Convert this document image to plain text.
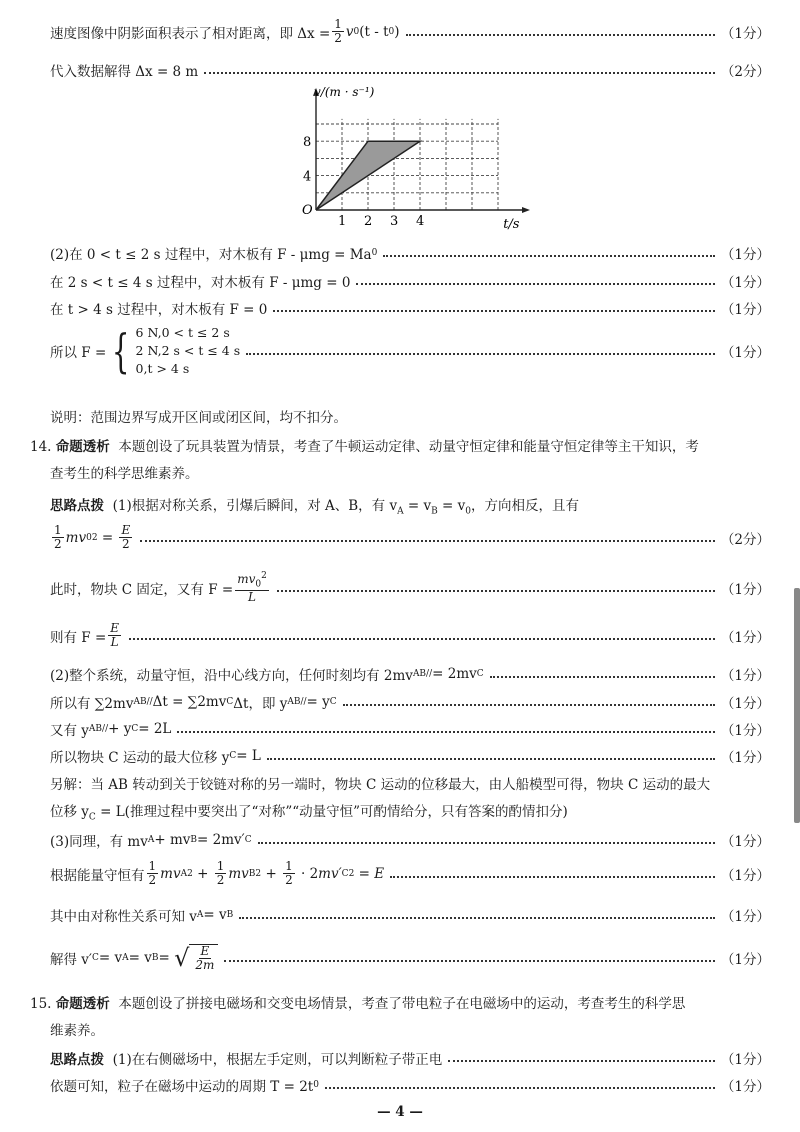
速度图像中阴影面积表示了相对距离，即 $\Delta x = \frac{1}{2}$ v 0 (t - t 0 )	（1分）
代入数据解得 Δx = 8 m	（2分）
1 2 3 4
4
8
v/(m · s⁻¹)
t/s
O
(2)在 0 < t ≤ 2 s 过程中，对木板有 F - μmg = Ma 0	（1分）
在 2 s < t ≤ 4 s 过程中，对木板有 F - μmg = 0	（1分）
在 t > 4 s 过程中，对木板有 F = 0	（1分）
所以 F = { 6 N,0 < t ≤ 2 s
2 N,2 s < t ≤ 4 s
0,t > 4 s
（1分）
说明：范围边界写成开区间或闭区间，均不扣分。
14. 命题透析 本题创设了玩具装置为情景，考查了牛顿运动定律、动量守恒定律和能量守恒定律等主干知识，考
查考生的科学思维素养。
思路点拨 (1)根据对称关系，引爆后瞬间，对 A、B，有 $v_A = v_B = v_0$，方向相反，且有
$\frac{1}{2}$ m v 0 $2 = \frac{E}{2}$	（2分）
此时，物块 C 固定，又有 $F = \frac{mv_0^2}{L}$	（1分）
则有 $F = \frac{E}{L}$	（1分）
(2)整个系统，动量守恒，沿中心线方向，任何时刻均有 2mv AB// = 2mv C	（1分）
所以有 ∑2mv AB// Δt = ∑2mv C Δt，即 y AB// = y C	（1分）
又有 y AB// + y C = 2L	（1分）
所以物块 C 运动的最大位移 y C = L	（1分）
另解：当 AB 转动到关于铰链对称的另一端时，物块 C 运动的位移最大，由人船模型可得，物块 C 运动的最大
位移 $y_C = L$(推理过程中要突出了“对称”“动量守恒”可酌情给分，只有答案的酌情扣分)
(3)同理，有 mv A + mv B = 2mv′ C	（1分）
根据能量守恒有 $\frac{1}{2}$ mv A $2 + \frac{1}{2}$ mv B $2 + \frac{1}{2} \cdot 2$ mv′ C 2 = E	（1分）
其中由对称性关系可知 v A = v B	（1分）
解得 v′ C = v A = v B =
√ $\frac{E}{2m}$	（1分）
15. 命题透析 本题创设了拼接电磁场和交变电场情景，考查了带电粒子在电磁场中的运动，考查考生的科学思
维素养。
思路点拨
(1)在右侧磁场中，根据左手定则，可以判断粒子带正电	（1分）
依题可知，粒子在磁场中运动的周期 T = 2t 0	（1分）
— 4 —
